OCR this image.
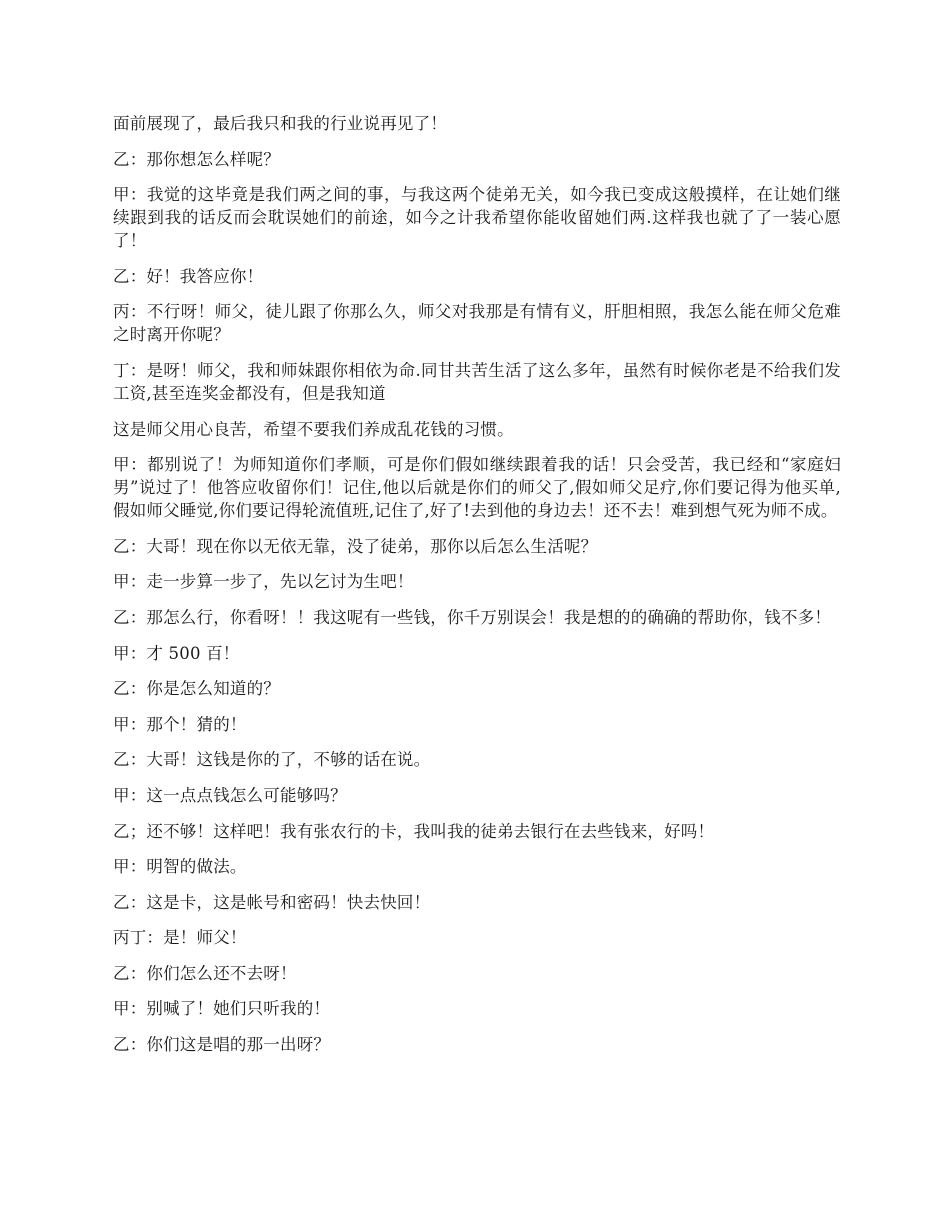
面前展现了，最后我只和我的行业说再见了！

乙：那你想怎么样呢？

甲：我觉的这毕竟是我们两之间的事，与我这两个徒弟无关，如今我已变成这般摸样，在让她们继续跟到我的话反而会耽误她们的前途，如今之计我希望你能收留她们两.这样我也就了了一装心愿了！

乙：好！我答应你！

丙：不行呀！师父，徒儿跟了你那么久，师父对我那是有情有义，肝胆相照，我怎么能在师父危难之时离开你呢？

丁：是呀！师父，我和师妹跟你相依为命.同甘共苦生活了这么多年，虽然有时候你老是不给我们发工资,甚至连奖金都没有，但是我知道

这是师父用心良苦，希望不要我们养成乱花钱的习惯。

甲：都别说了！为师知道你们孝顺，可是你们假如继续跟着我的话！只会受苦，我已经和“家庭妇男”说过了！他答应收留你们！记住,他以后就是你们的师父了,假如师父足疗,你们要记得为他买单,假如师父睡觉,你们要记得轮流值班,记住了,好了!去到他的身边去！还不去！难到想气死为师不成。

乙：大哥！现在你以无依无靠，没了徒弟，那你以后怎么生活呢？

甲：走一步算一步了，先以乞讨为生吧！

乙：那怎么行，你看呀！！我这呢有一些钱，你千万别误会！我是想的的确确的帮助你，钱不多！

甲：才 500 百！

乙：你是怎么知道的？

甲：那个！猜的！

乙：大哥！这钱是你的了，不够的话在说。

甲：这一点点钱怎么可能够吗？

乙；还不够！这样吧！我有张农行的卡，我叫我的徒弟去银行在去些钱来，好吗！

甲：明智的做法。

乙：这是卡，这是帐号和密码！快去快回！

丙丁：是！师父！

乙：你们怎么还不去呀！

甲：别喊了！她们只听我的！

乙：你们这是唱的那一出呀？
